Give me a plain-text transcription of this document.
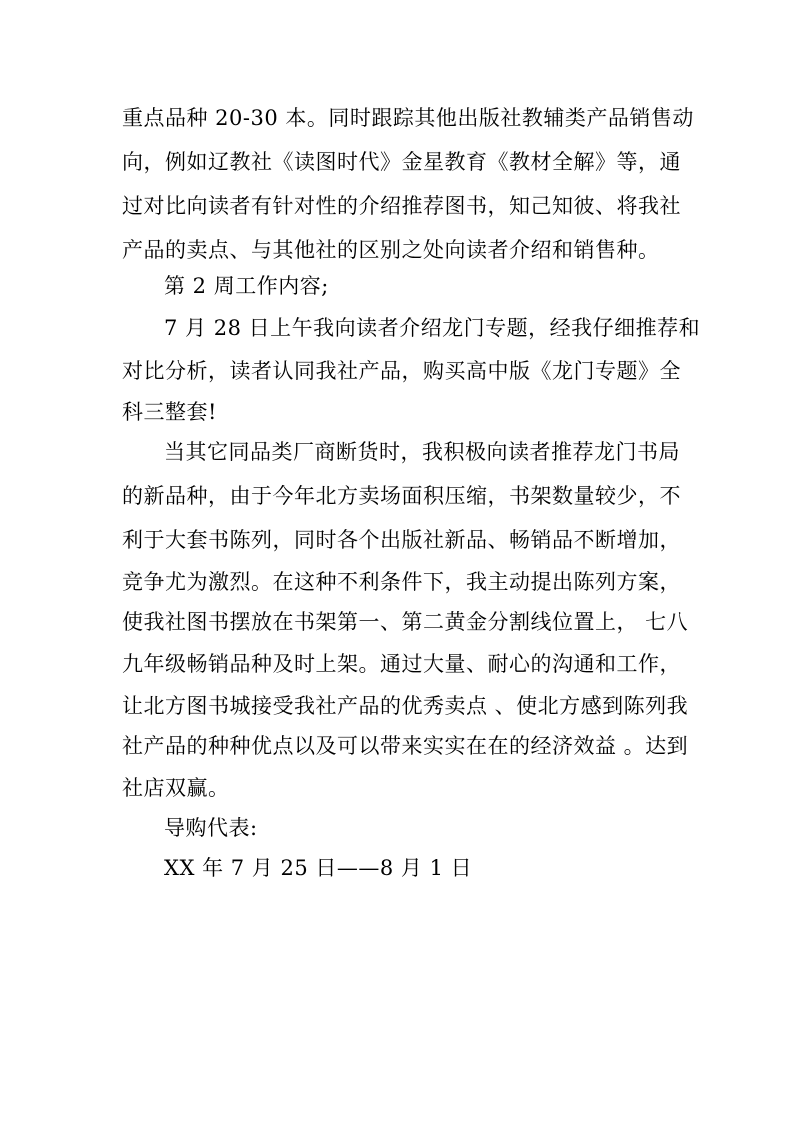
重点品种 20-30 本。同时跟踪其他出版社教辅类产品销售动
向，例如辽教社《读图时代》金星教育《教材全解》等，通
过对比向读者有针对性的介绍推荐图书，知己知彼、将我社
产品的卖点、与其他社的区别之处向读者介绍和销售种。
第 2 周工作内容;
7 月 28 日上午我向读者介绍龙门专题，经我仔细推荐和
对比分析，读者认同我社产品，购买高中版《龙门专题》全
科三整套!
当其它同品类厂商断货时，我积极向读者推荐龙门书局
的新品种，由于今年北方卖场面积压缩，书架数量较少，不
利于大套书陈列，同时各个出版社新品、畅销品不断增加，
竞争尤为激烈。在这种不利条件下，我主动提出陈列方案，
使我社图书摆放在书架第一、第二黄金分割线位置上， 七八
九年级畅销品种及时上架。通过大量、耐心的沟通和工作，
让北方图书城接受我社产品的优秀卖点 、使北方感到陈列我
社产品的种种优点以及可以带来实实在在的经济效益 。达到
社店双赢。
导购代表:
XX 年 7 月 25 日——8 月 1 日
